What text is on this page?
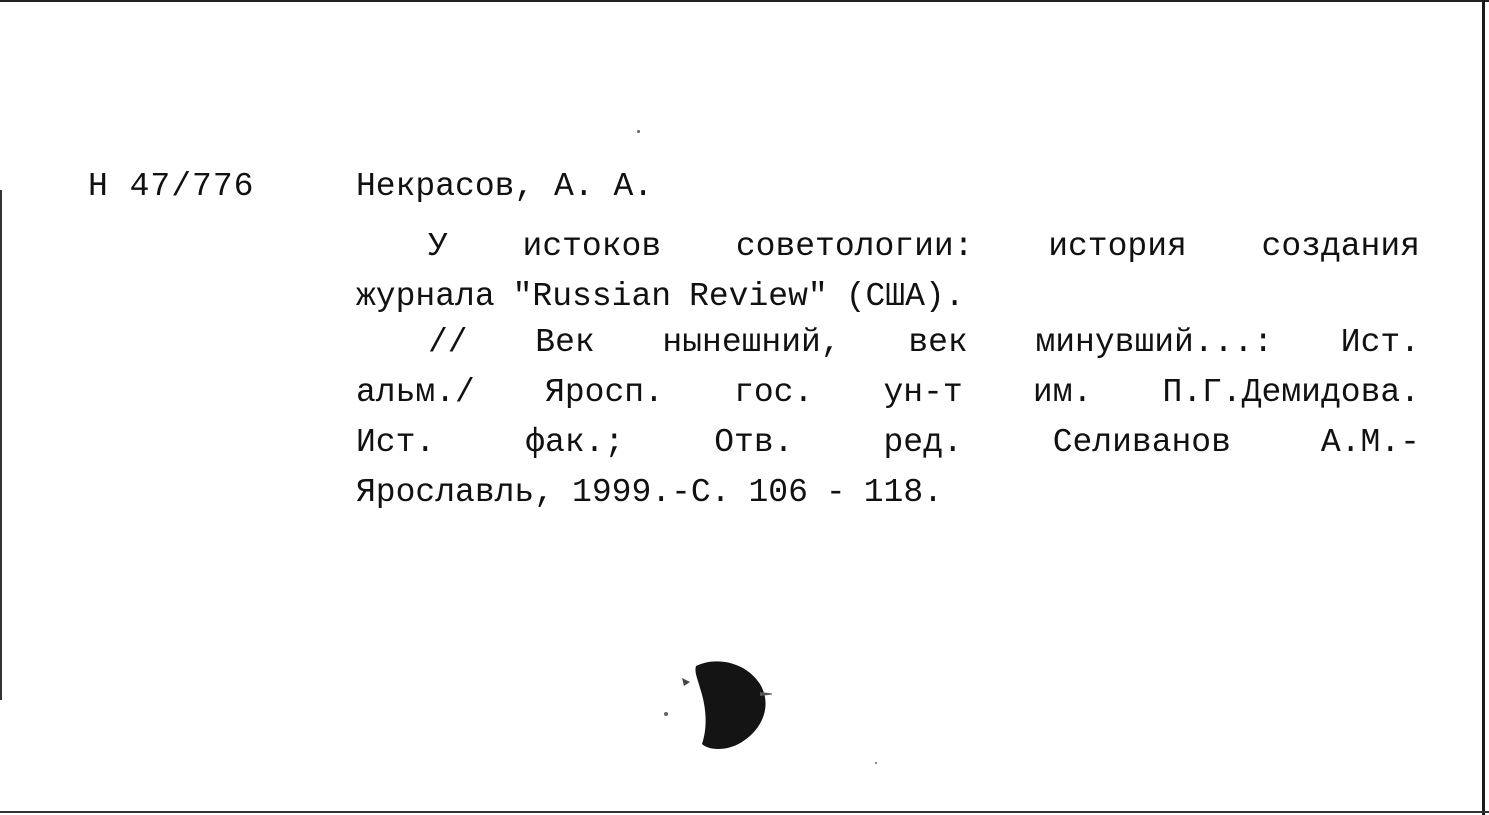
Н 47/776	Некрасов, А. А.
У истоков советологии: история создания
журнала "Russian Review" (США).
// Век нынешний, век минувший...: Ист.
альм./ Яросп. гос. ун-т им. П.Г.Демидова.
Ист.	фак.;	Отв.	ред.	Селиванов	А.М.-
Ярославль, 1999.-С. 106 - 118.
